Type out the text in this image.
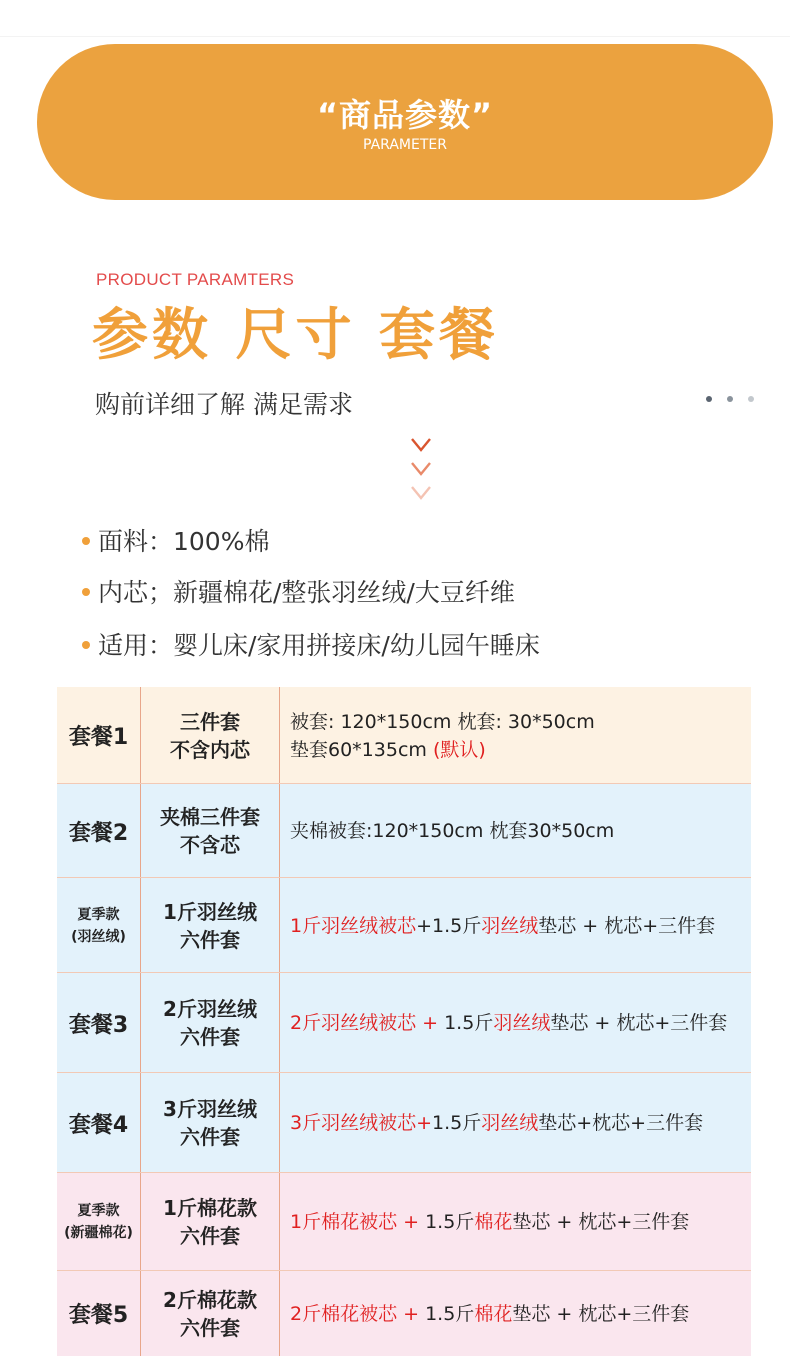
“商品参数”
PARAMETER
PRODUCT PARAMTERS
参数 尺寸 套餐
购前详细了解 满足需求
面料：100%棉
内芯；新疆棉花/整张羽丝绒/大豆纤维
适用：婴儿床/家用拼接床/幼儿园午睡床
套餐1
三件套
不含内芯
被套: 120*150cm 枕套: 30*50cm
垫套60*135cm (默认)
套餐2
夹棉三件套
不含芯
夹棉被套:120*150cm 枕套30*50cm
夏季款
(羽丝绒)
1斤羽丝绒
六件套
1斤羽丝绒被芯+1.5斤羽丝绒垫芯 + 枕芯+三件套
套餐3
2斤羽丝绒
六件套
2斤羽丝绒被芯 + 1.5斤羽丝绒垫芯 + 枕芯+三件套
套餐4
3斤羽丝绒
六件套
3斤羽丝绒被芯+1.5斤羽丝绒垫芯+枕芯+三件套
夏季款
(新疆棉花)
1斤棉花款
六件套
1斤棉花被芯 + 1.5斤棉花垫芯 + 枕芯+三件套
套餐5
2斤棉花款
六件套
2斤棉花被芯 + 1.5斤棉花垫芯 + 枕芯+三件套
